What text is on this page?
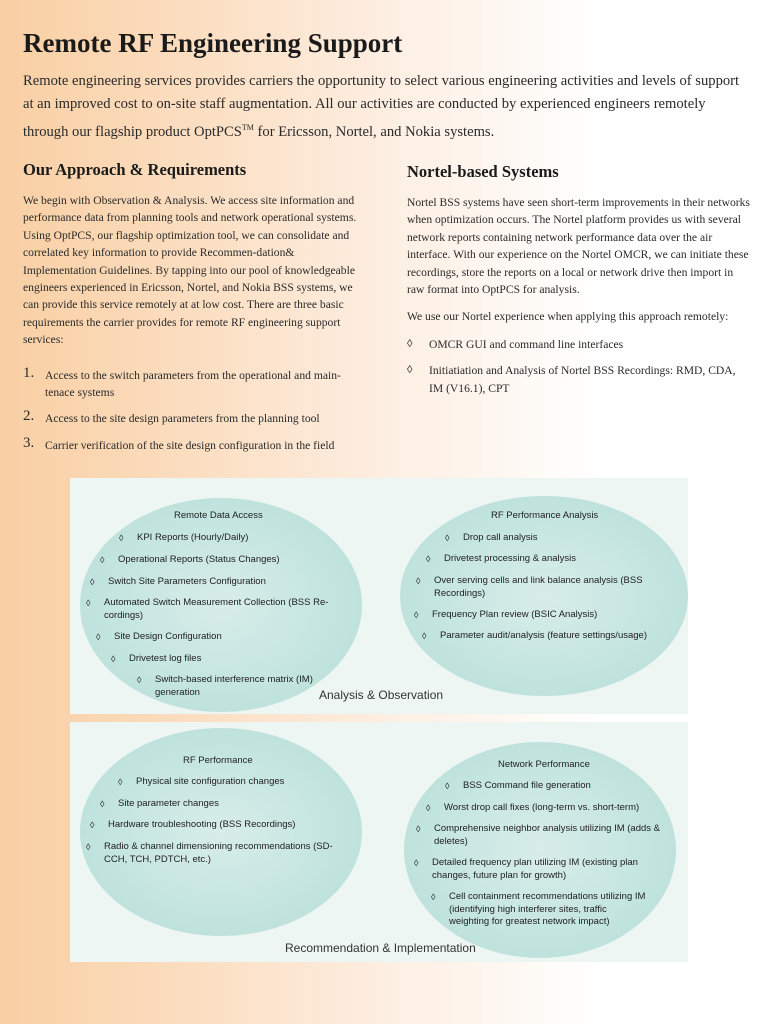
Remote RF Engineering Support

Remote engineering services provides carriers the opportunity to select various engineering activities and levels of support at an improved cost to on-site staff augmentation. All our activities are conducted by experienced engineers remotely through our flagship product OptPCS™ for Ericsson, Nortel, and Nokia systems.

Our Approach & Requirements

We begin with Observation & Analysis. We access site information and performance data from planning tools and network operational systems. Using OptPCS, our flagship optimization tool, we can consolidate and correlated key information to provide Recommen-dation& Implementation Guidelines. By tapping into our pool of knowledgeable engineers experienced in Ericsson, Nortel, and Nokia BSS systems, we can provide this service remotely at at low cost. There are three basic requirements the carrier provides for remote RF engineering support services:

1. Access to the switch parameters from the operational and main-tenace systems
2. Access to the site design parameters from the planning tool
3. Carrier verification of the site design configuration in the field
Nortel-based Systems

Nortel BSS systems have seen short-term improvements in their networks when optimization occurs. The Nortel platform provides us with several network reports containing network performance data over the air interface. With our experience on the Nortel OMCR, we can initiate these recordings, store the reports on a local or network drive then import in raw format into OptPCS for analysis.

We use our Nortel experience when applying this approach remotely:

◊ OMCR GUI and command line interfaces
◊ Initiatiation and Analysis of Nortel BSS Recordings: RMD, CDA, IM (V16.1), CPT
Remote Data Access
◊ KPI Reports (Hourly/Daily)
◊ Operational Reports (Status Changes)
◊ Switch Site Parameters Configuration
◊ Automated Switch Measurement Collection (BSS Re-cordings)
◊ Site Design Configuration
◊ Drivetest log files
◊ Switch-based interference matrix (IM) generation
RF Performance Analysis
◊ Drop call analysis
◊ Drivetest processing & analysis
◊ Over serving cells and link balance analysis (BSS Recordings)
◊ Frequency Plan review (BSIC Analysis)
◊ Parameter audit/analysis (feature settings/usage)
Analysis & Observation
RF Performance
◊ Physical site configuration changes
◊ Site parameter changes
◊ Hardware troubleshooting (BSS Recordings)
◊ Radio & channel dimensioning recommendations (SD-CCH, TCH, PDTCH, etc.)
Network Performance
◊ BSS Command file generation
◊ Worst drop call fixes (long-term vs. short-term)
◊ Comprehensive neighbor analysis utilizing IM (adds & deletes)
◊ Detailed frequency plan utilizing IM (existing plan changes, future plan for growth)
◊ Cell containment recommendations utilizing IM (identifying high interferer sites, traffic weighting for greatest network impact)
Recommendation & Implementation
